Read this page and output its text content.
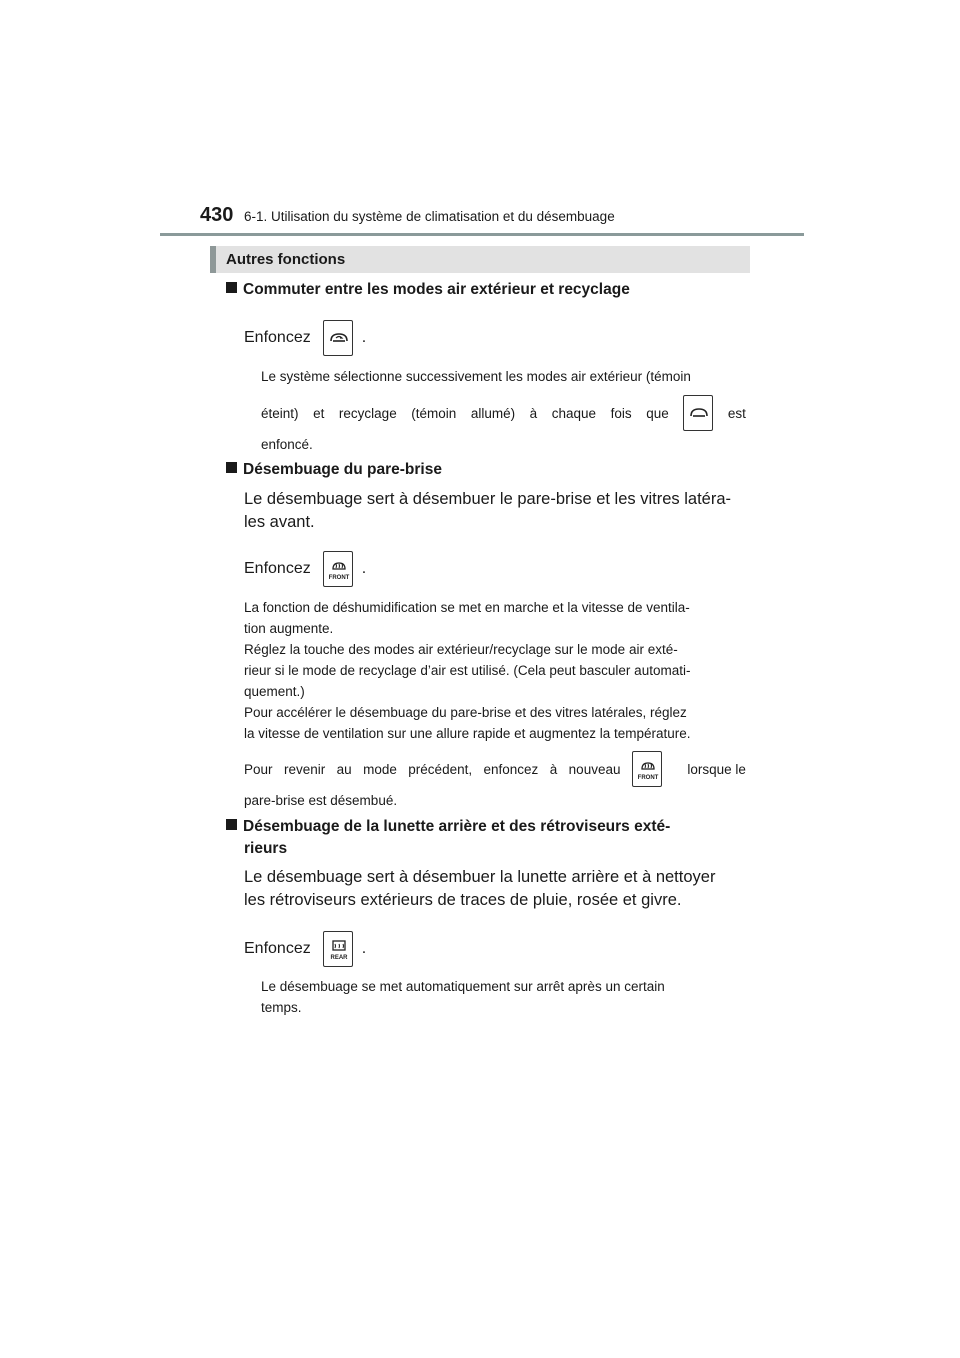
430 6-1. Utilisation du système de climatisation et du désembuage
Autres fonctions
Commuter entre les modes air extérieur et recyclage
Enfoncez	.
Le système sélectionne successivement les modes air extérieur (témoin
éteint) et recyclage (témoin allumé) à chaque fois que	est
enfoncé.
Désembuage du pare-brise
Le désembuage sert à désembuer le pare-brise et les vitres latéra-
les avant.
Enfoncez
FRONT
.
La fonction de déshumidification se met en marche et la vitesse de ventila-
tion augmente.
Réglez la touche des modes air extérieur/recyclage sur le mode air exté-
rieur si le mode de recyclage d’air est utilisé. (Cela peut basculer automati-
quement.)
Pour accélérer le désembuage du pare-brise et des vitres latérales, réglez
la vitesse de ventilation sur une allure rapide et augmentez la température.
Pour revenir au mode précédent, enfoncez à nouveau
FRONT
lorsque le
pare-brise est désembué.
Désembuage de la lunette arrière et des rétroviseurs exté-
rieurs
Le désembuage sert à désembuer la lunette arrière et à nettoyer
les rétroviseurs extérieurs de traces de pluie, rosée et givre.
Enfoncez
REAR
.
Le désembuage se met automatiquement sur arrêt après un certain
temps.
